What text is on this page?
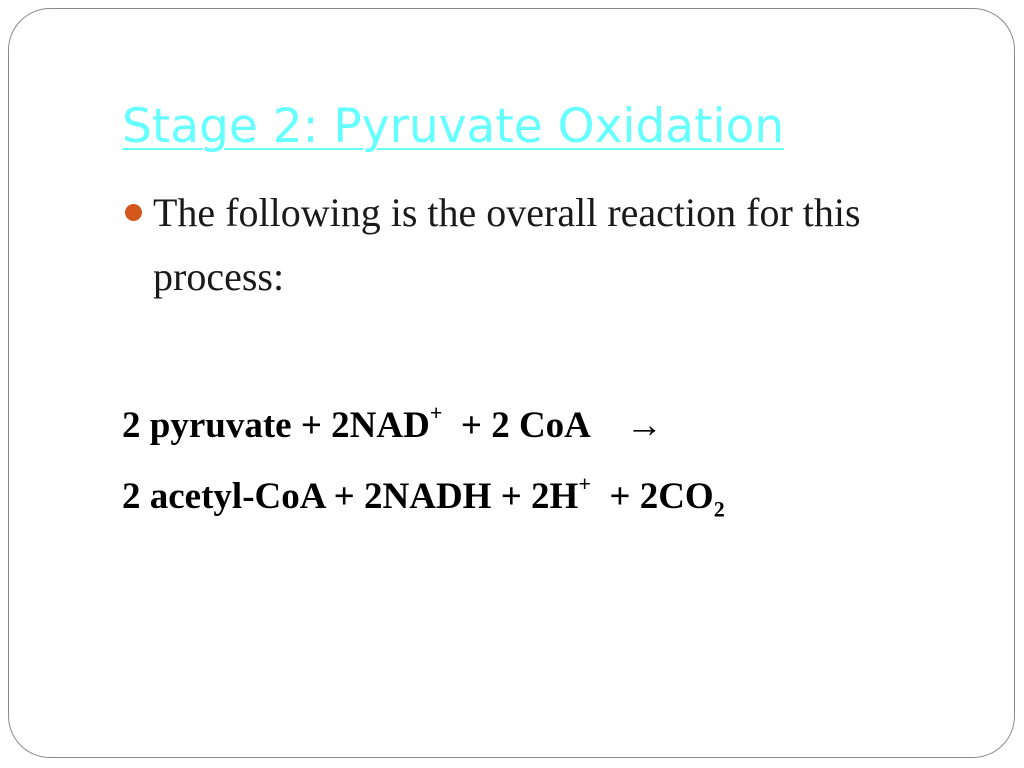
Stage 2: Pyruvate Oxidation
The following is the overall reaction for this process:
2 pyruvate + 2NAD+  + 2 CoA    →
2 acetyl-CoA + 2NADH + $2H^+ + 2CO_2$
